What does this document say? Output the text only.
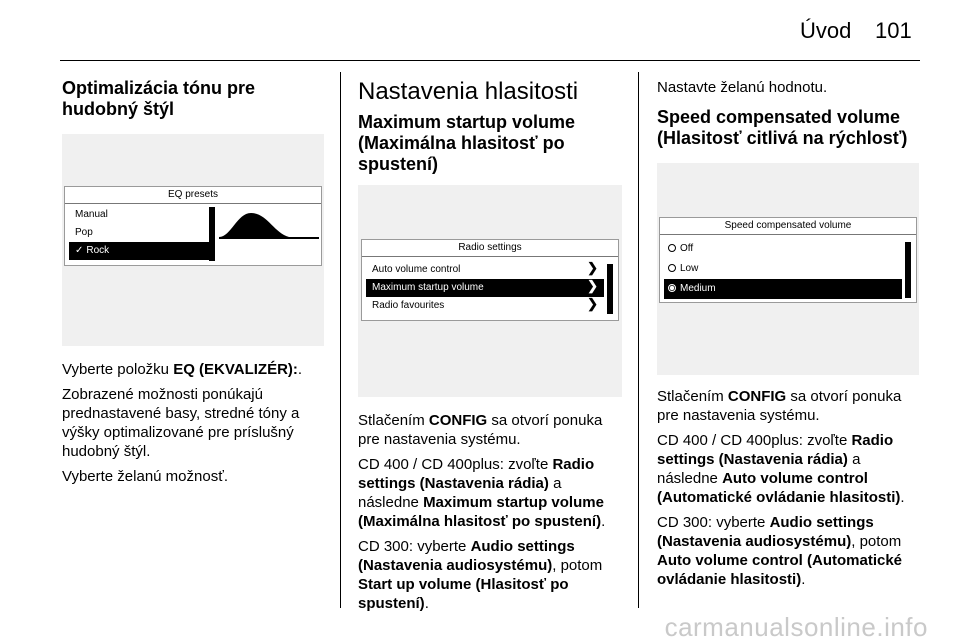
Úvod 101
Optimalizácia tónu pre hudobný štýl
EQ presets
Manual
Pop
✓ Rock

Vyberte položku EQ (EKVALIZÉR):.

Zobrazené možnosti ponúkajú prednastavené basy, stredné tóny a výšky optimalizované pre príslušný hudobný štýl.

Vyberte želanú možnosť.

Nastavenia hlasitosti
Maximum startup volume (Maximálna hlasitosť po spustení)
Radio settings
Auto volume control	❯
Maximum startup volume	❯
Radio favourites	❯

Stlačením CONFIG sa otvorí ponuka pre nastavenia systému.

CD 400 / CD 400plus: zvoľte Radio settings (Nastavenia rádia) a následne Maximum startup volume (Maximálna hlasitosť po spustení).

CD 300: vyberte Audio settings (Nastavenia audiosystému), potom Start up volume (Hlasitosť po spustení).

Nastavte želanú hodnotu.

Speed compensated volume (Hlasitosť citlivá na rýchlosť)
Speed compensated volume
Off
Low
Medium

Stlačením CONFIG sa otvorí ponuka pre nastavenia systému.

CD 400 / CD 400plus: zvoľte Radio settings (Nastavenia rádia) a následne Auto volume control (Automatické ovládanie hlasitosti).

CD 300: vyberte Audio settings (Nastavenia audiosystému), potom Auto volume control (Automatické ovládanie hlasitosti).

carmanualsonline.info
